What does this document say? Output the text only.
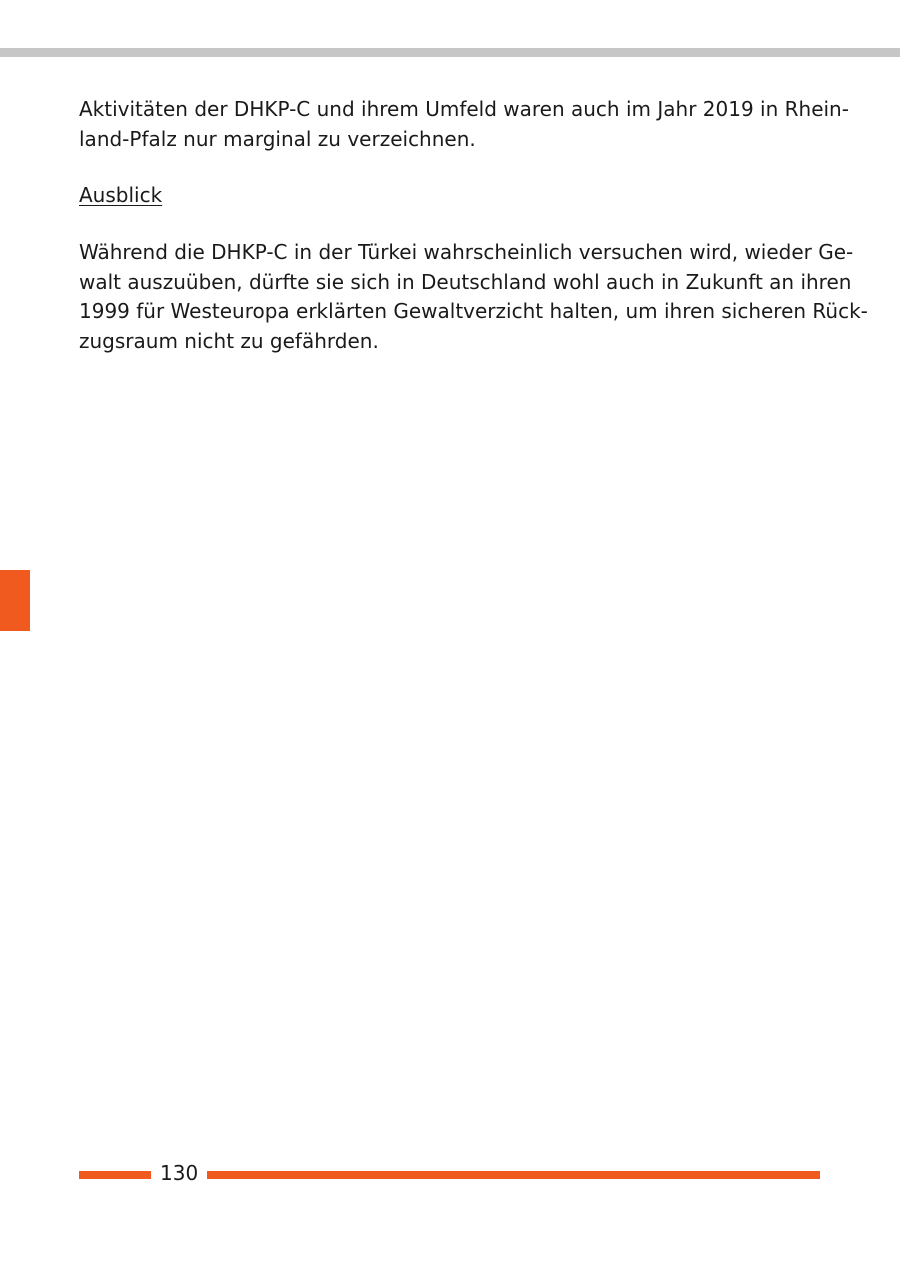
Aktivitäten der DHKP-C und ihrem Umfeld waren auch im Jahr 2019 in Rhein-
land-Pfalz nur marginal zu verzeichnen.
Ausblick
Während die DHKP-C in der Türkei wahrscheinlich versuchen wird, wieder Ge-
walt auszuüben, dürfte sie sich in Deutschland wohl auch in Zukunft an ihren
1999 für Westeuropa erklärten Gewaltverzicht halten, um ihren sicheren Rück-
zugsraum nicht zu gefährden.
130
